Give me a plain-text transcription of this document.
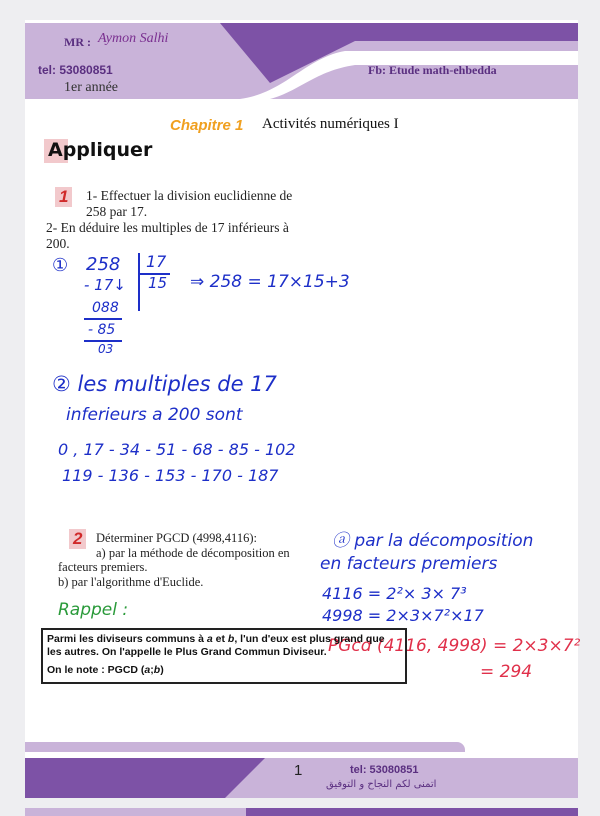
MR : Aymon Salhi
tel: 53080851	Fb: Etude math-ehbedda
1er année
Chapitre 1 Activités numériques I
Appliquer
1	1- Effectuer la division euclidienne de
258 par 17.
2- En déduire les multiples de 17 inférieurs à
200.
① 258
- 17↓
088
- 85
03
17
15 ⇒ 258 = 17×15+3
② les multiples de 17
inferieurs a 200 sont
0 , 17 - 34 - 51 - 68 - 85 - 102
119 - 136 - 153 - 170 - 187
2	Déterminer PGCD (4998,4116):
a) par la méthode de décomposition en
facteurs premiers.
b) par l'algorithme d'Euclide.
Rappel :
ⓐ par la décomposition
en facteurs premiers
4116 = 2²× 3× 7³
4998 = 2×3×7²×17
PGcd (4116, 4998) = 2×3×7²
= 294
Parmi les diviseurs communs à a et b, l'un d'eux est plus grand que
les autres. On l'appelle le Plus Grand Commun Diviseur.
On le note : PGCD (a;b)
1	tel: 53080851
اتمنى لكم النجاح و التوفيق
